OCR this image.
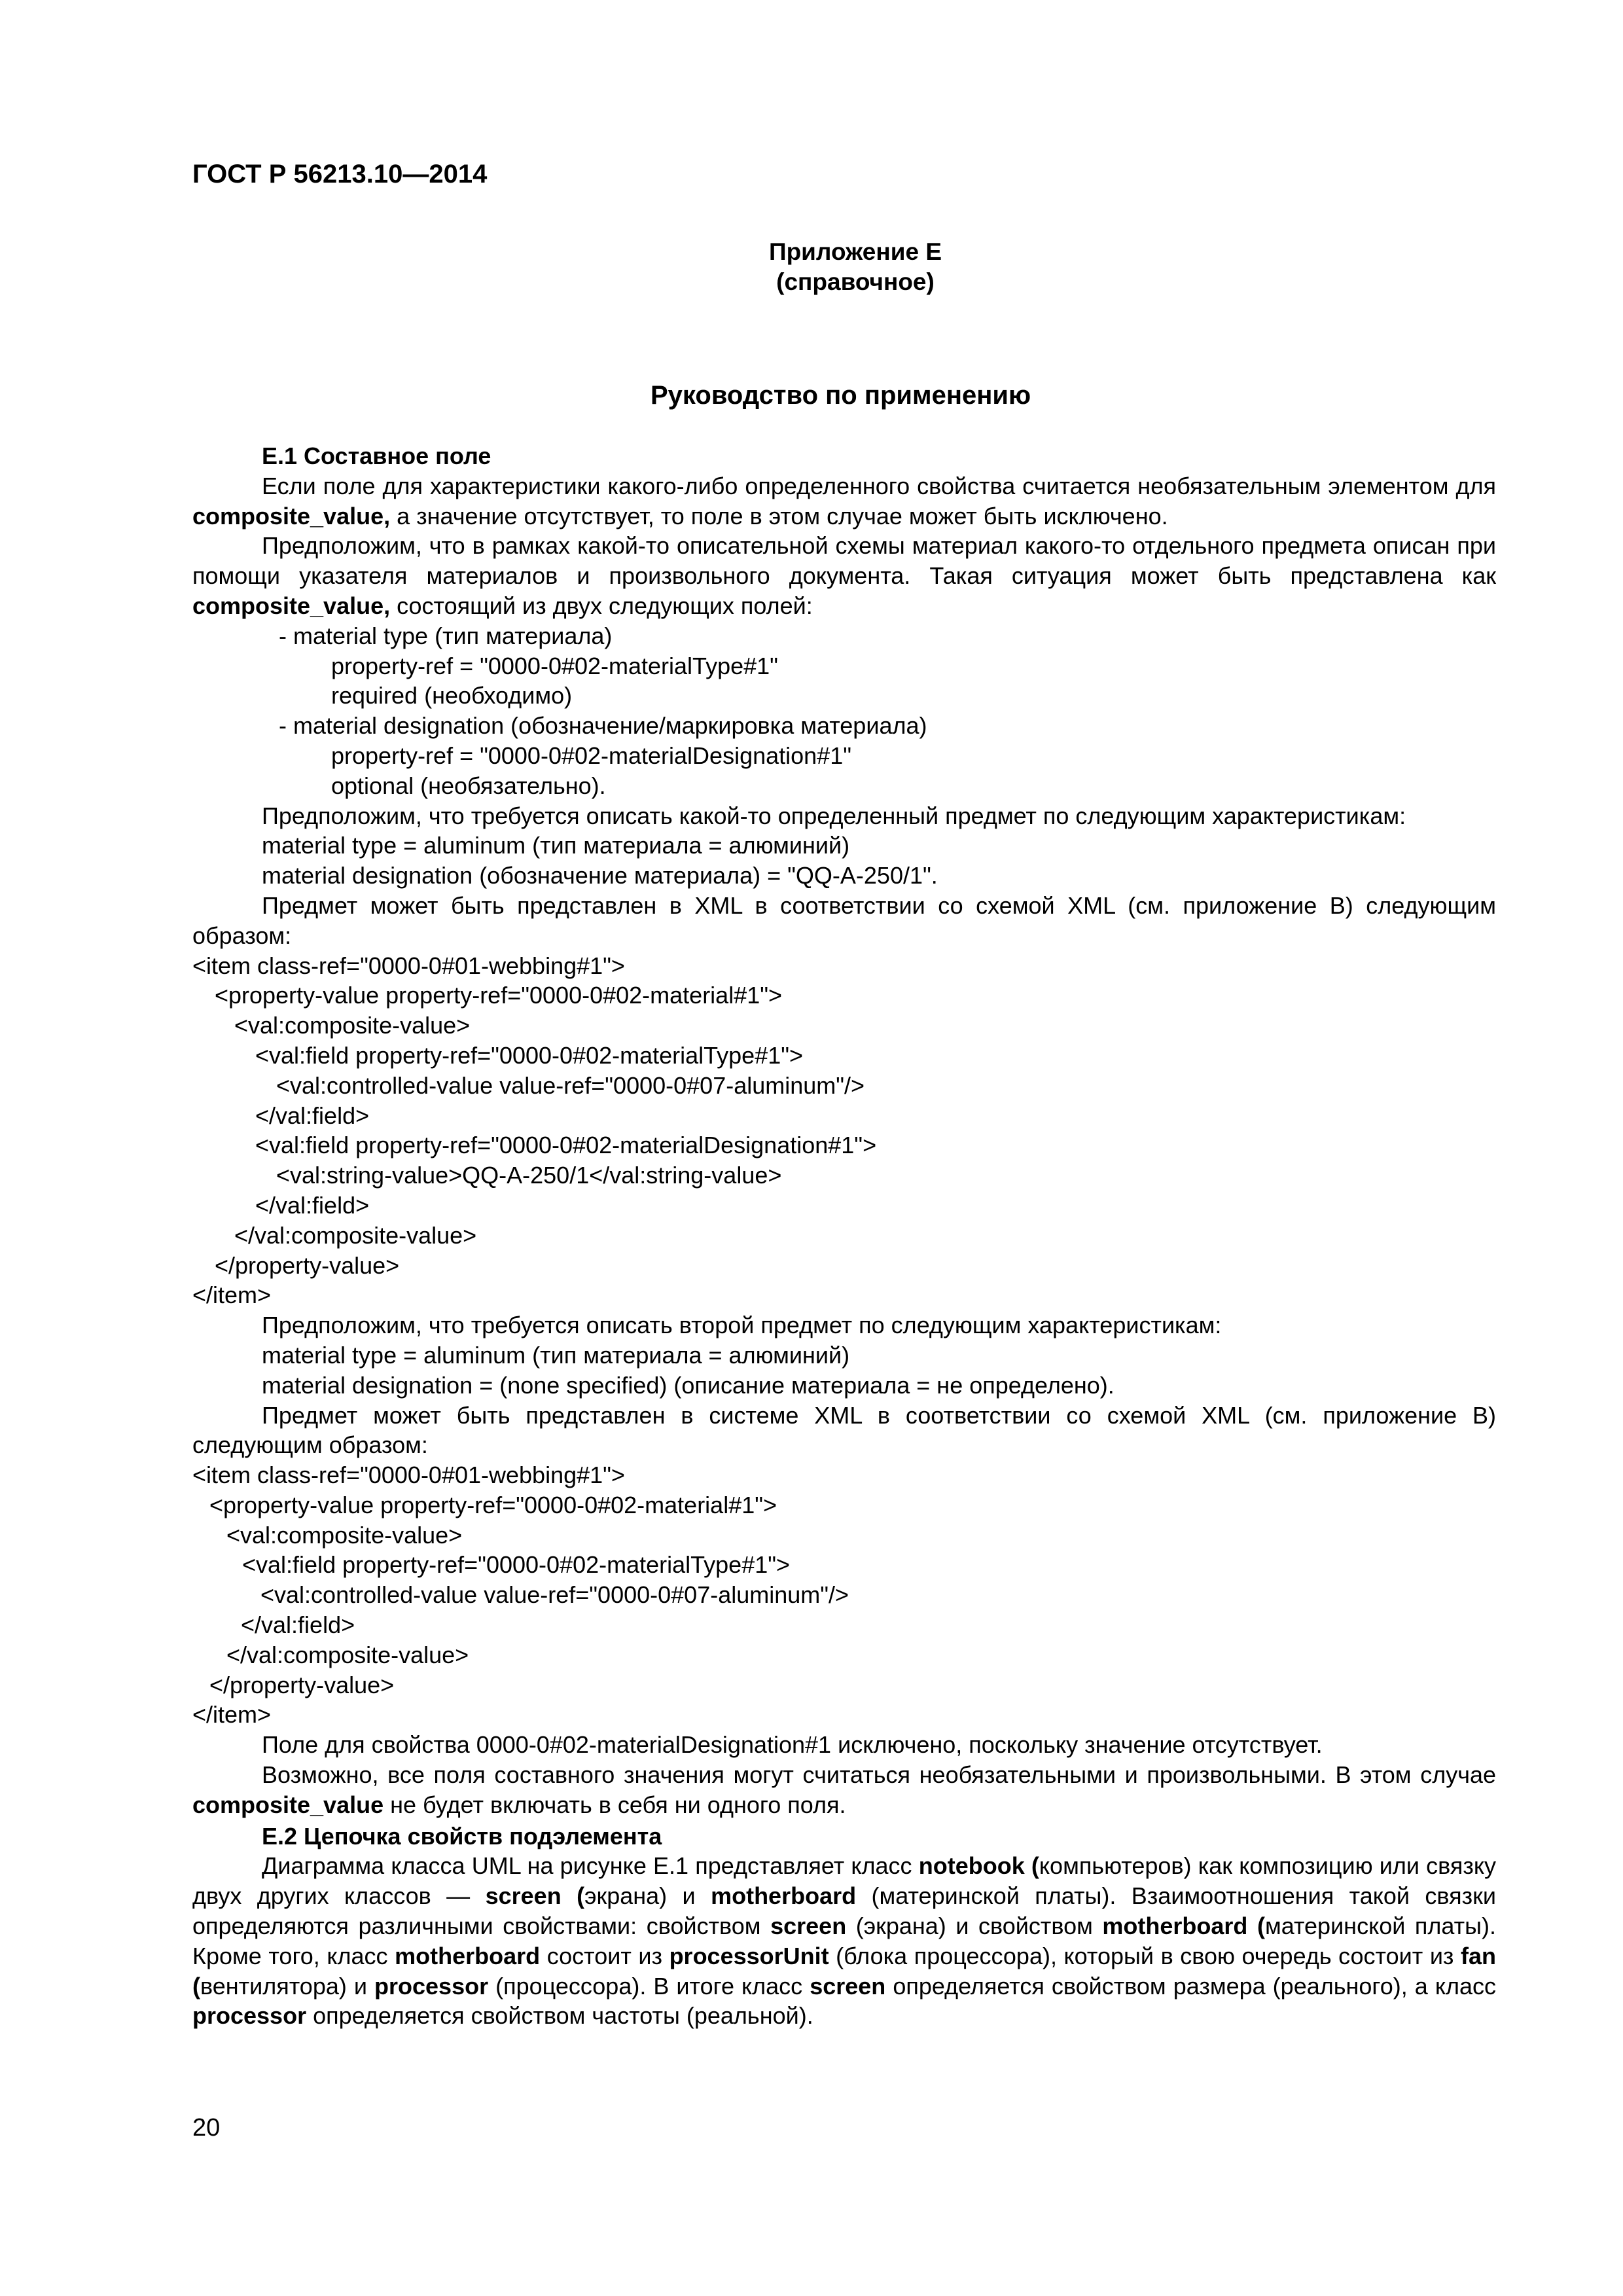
ГОСТ Р 56213.10—2014
Приложение Е
(справочное)
Руководство по применению
Е.1 Составное поле
Если поле для характеристики какого-либо определенного свойства считается необязательным элементом для composite_value, а значение отсутствует, то поле в этом случае может быть исключено.
Предположим, что в рамках какой-то описательной схемы материал какого-то отдельного предмета описан при помощи указателя материалов и произвольного документа. Такая ситуация может быть представлена как composite_value, состоящий из двух следующих полей:
- material type (тип материала)
property-ref = "0000-0#02-materialType#1"
required (необходимо)
- material designation (обозначение/маркировка материала)
property-ref = "0000-0#02-materialDesignation#1"
optional (необязательно).
Предположим, что требуется описать какой-то определенный предмет по следующим характеристикам:
material type = aluminum (тип материала = алюминий)
material designation (обозначение материала) = "QQ-A-250/1".
Предмет может быть представлен в XML в соответствии со схемой XML (см. приложение В) следующим образом:
<item class-ref="0000-0#01-webbing#1">
<property-value property-ref="0000-0#02-material#1">
<val:composite-value>
<val:field property-ref="0000-0#02-materialType#1">
<val:controlled-value value-ref="0000-0#07-aluminum"/>
</val:field>
<val:field property-ref="0000-0#02-materialDesignation#1">
<val:string-value>QQ-A-250/1</val:string-value>
</val:field>
</val:composite-value>
</property-value>
</item>
Предположим, что требуется описать второй предмет по следующим характеристикам:
material type = aluminum (тип материала = алюминий)
material designation = (none specified) (описание материала = не определено).
Предмет может быть представлен в системе XML в соответствии со схемой XML (см. приложение В) следующим образом:
<item class-ref="0000-0#01-webbing#1">
<property-value property-ref="0000-0#02-material#1">
<val:composite-value>
<val:field property-ref="0000-0#02-materialType#1">
<val:controlled-value value-ref="0000-0#07-aluminum"/>
</val:field>
</val:composite-value>
</property-value>
</item>
Поле для свойства 0000-0#02-materialDesignation#1 исключено, поскольку значение отсутствует.
Возможно, все поля составного значения могут считаться необязательными и произвольными. В этом случае composite_value не будет включать в себя ни одного поля.
Е.2 Цепочка свойств подэлемента
Диаграмма класса UML на рисунке Е.1 представляет класс notebook (компьютеров) как композицию или связку двух других классов — screen (экрана) и motherboard (материнской платы). Взаимоотношения такой связки определяются различными свойствами: свойством screen (экрана) и свойством motherboard (материнской платы). Кроме того, класс motherboard состоит из processorUnit (блока процессора), который в свою очередь состоит из fan (вентилятора) и processor (процессора). В итоге класс screen определяется свойством размера (реального), а класс processor определяется свойством частоты (реальной).
20
